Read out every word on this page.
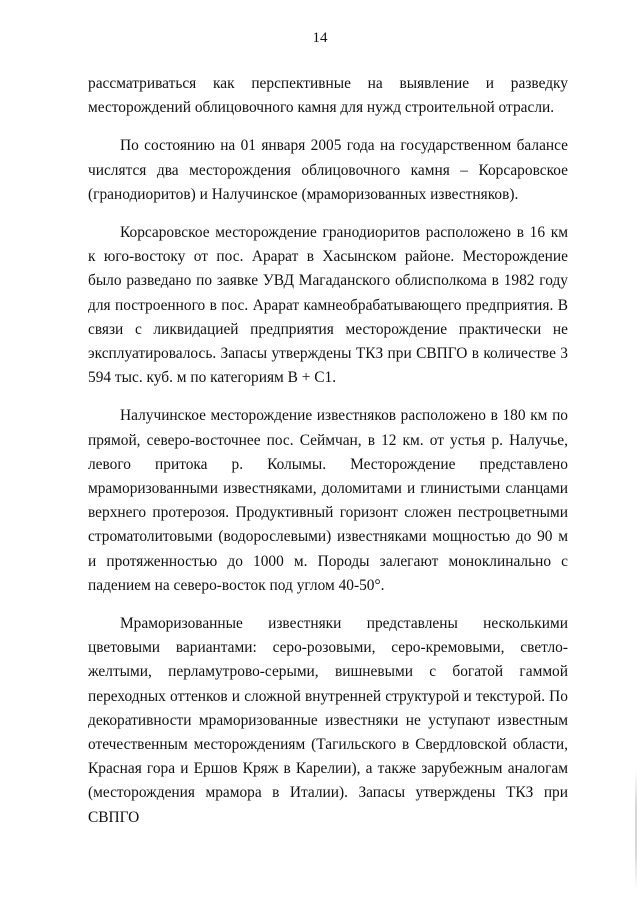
14

рассматриваться как перспективные на выявление и разведку месторождений облицовочного камня для нужд строительной отрасли.

По состоянию на 01 января 2005 года на государственном балансе числятся два месторождения облицовочного камня – Корсаровское (гранодиоритов) и Налучинское (мраморизованных известняков).

Корсаровское месторождение гранодиоритов расположено в 16 км к юго-востоку от пос. Арарат в Хасынском районе. Месторождение было разведано по заявке УВД Магаданского облисполкома в 1982 году для построенного в пос. Арарат камнеобрабатывающего предприятия. В связи с ликвидацией предприятия месторождение практически не эксплуатировалось. Запасы утверждены ТКЗ при СВПГО в количестве 3 594 тыс. куб. м по категориям В + С1.

Налучинское месторождение известняков расположено в 180 км по прямой, северо-восточнее пос. Сеймчан, в 12 км. от устья р. Налучье, левого притока р. Колымы. Месторождение представлено мраморизованными известняками, доломитами и глинистыми сланцами верхнего протерозоя. Продуктивный горизонт сложен пестроцветными строматолитовыми (водорослевыми) известняками мощностью до 90 м и протяженностью до 1000 м. Породы залегают моноклинально с падением на северо-восток под углом 40-50°.

Мраморизованные известняки представлены несколькими цветовыми вариантами: серо-розовыми, серо-кремовыми, светло-желтыми, перламутрово-серыми, вишневыми с богатой гаммой переходных оттенков и сложной внутренней структурой и текстурой. По декоративности мраморизованные известняки не уступают известным отечественным месторождениям (Тагильского в Свердловской области, Красная гора и Ершов Кряж в Карелии), а также зарубежным аналогам (месторождения мрамора в Италии). Запасы утверждены ТКЗ при СВПГО
